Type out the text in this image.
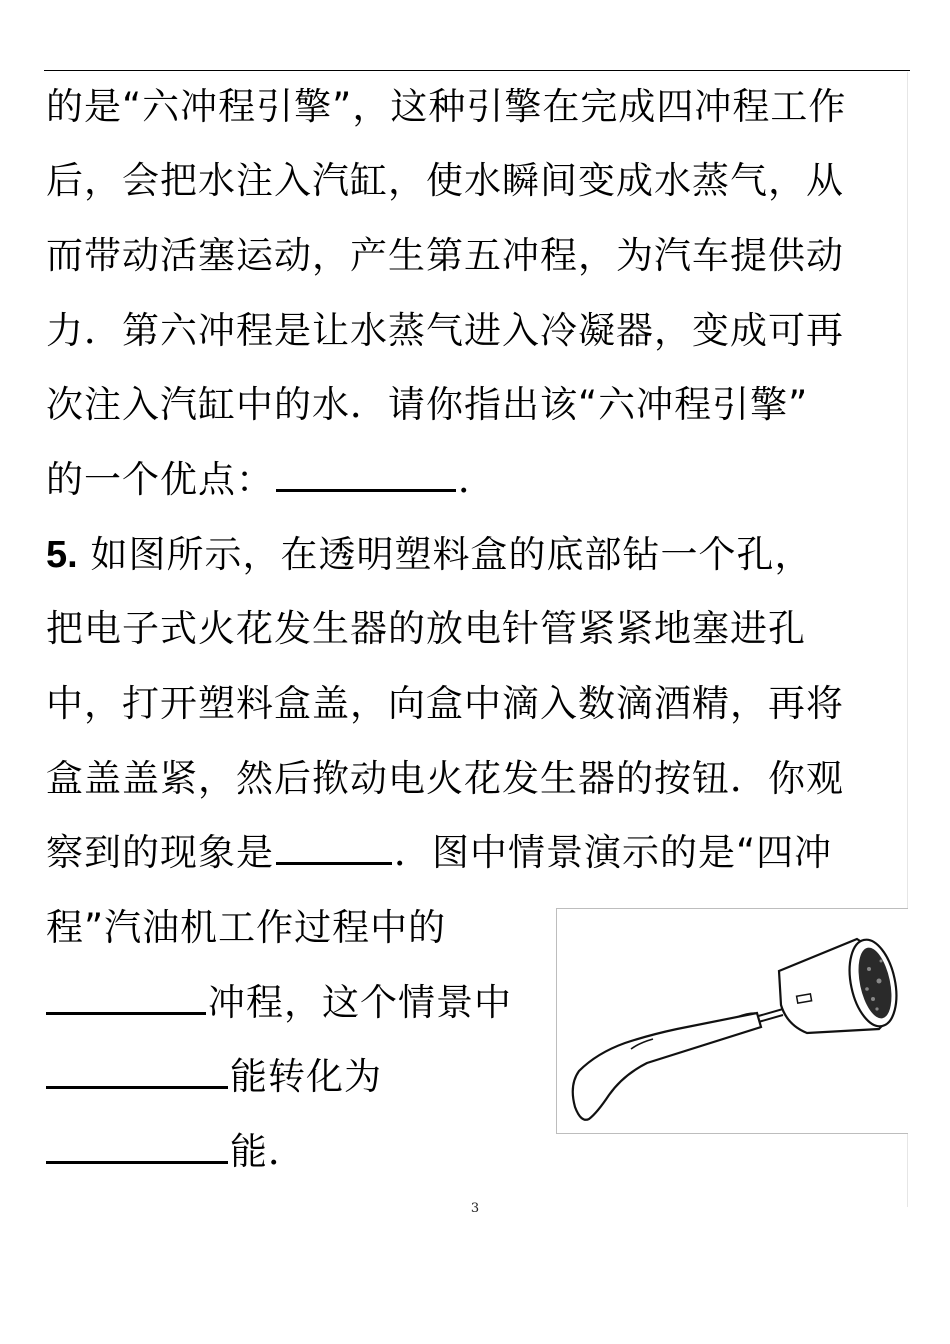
的是“六冲程引擎”，这种引擎在完成四冲程工作
后，会把水注入汽缸，使水瞬间变成水蒸气，从
而带动活塞运动，产生第五冲程，为汽车提供动
力．第六冲程是让水蒸气进入冷凝器，变成可再
次注入汽缸中的水．请你指出该“六冲程引擎”
的一个优点：	．
5. 如图所示，在透明塑料盒的底部钻一个孔，
把电子式火花发生器的放电针管紧紧地塞进孔
中，打开塑料盒盖，向盒中滴入数滴酒精，再将
盒盖盖紧，然后揿动电火花发生器的按钮．你观
察到的现象是	．图中情景演示的是“四冲
程”汽油机工作过程中的
冲程，这个情景中
能转化为
能．
3
